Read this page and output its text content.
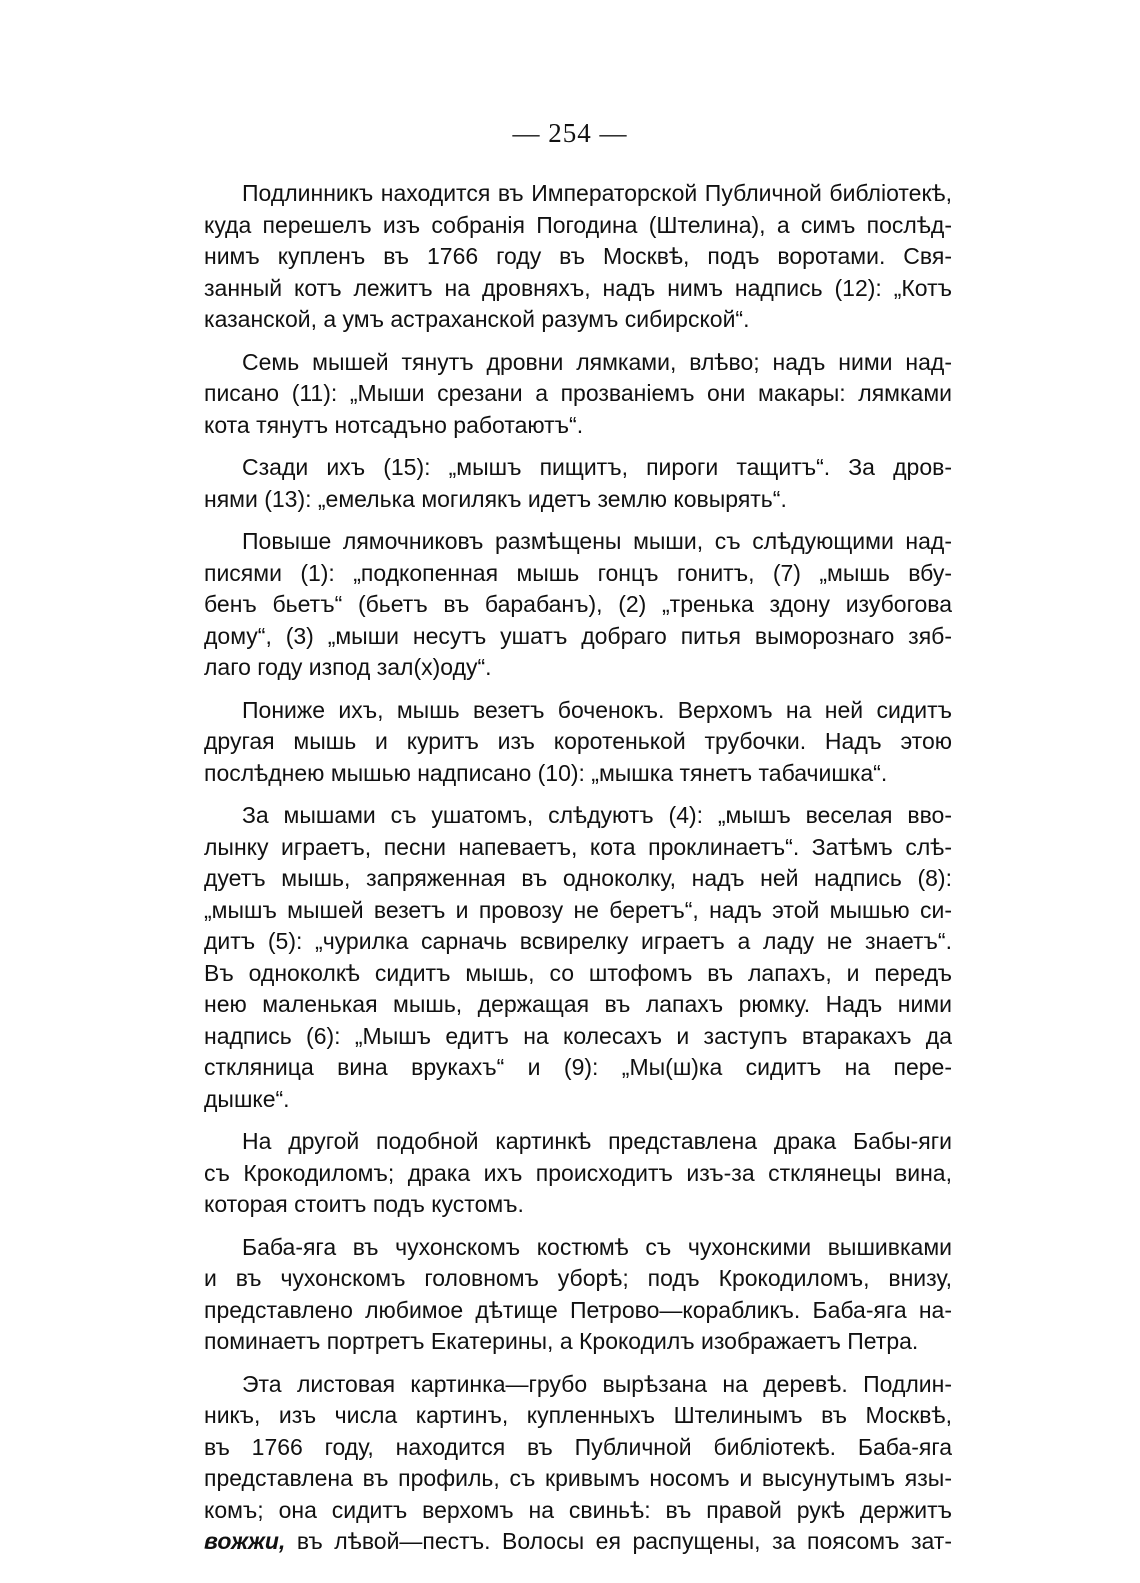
— 254 —
Подлинникъ находится въ Императорской Публичной библіотекѣ,
куда перешелъ изъ собранія Погодина (Штелина), а симъ послѣд-
нимъ купленъ въ 1766 году въ Москвѣ, подъ воротами. Свя-
занный котъ лежитъ на дровняхъ, надъ нимъ надпись (12): „Котъ
казанской, а умъ астраханской разумъ сибирской“.
Семь мышей тянутъ дровни лямками, влѣво; надъ ними над-
писано (11): „Мыши срезани а прозваніемъ они макары: лямками
кота тянутъ нотсадъно работаютъ“.
Сзади ихъ (15): „мышъ пищитъ, пироги тащитъ“. За дров-
нями (13): „емелька могилякъ идетъ землю ковырять“.
Повыше лямочниковъ размѣщены мыши, съ слѣдующими над-
писями (1): „подкопенная мышь гонцъ гонитъ, (7) „мышь вбу-
бенъ бьетъ“ (бьетъ въ барабанъ), (2) „тренька здону изубогова
дому“, (3) „мыши несутъ ушатъ добраго питья выморознаго зяб-
лаго году изпод зал(х)оду“.
Пониже ихъ, мышь везетъ боченокъ. Верхомъ на ней сидитъ
другая мышь и куритъ изъ коротенькой трубочки. Надъ этою
послѣднею мышью надписано (10): „мышка тянетъ табачишка“.
За мышами съ ушатомъ, слѣдуютъ (4): „мышъ веселая вво-
лынку играетъ, песни напеваетъ, кота проклинаетъ“. Затѣмъ слѣ-
дуетъ мышь, запряженная въ одноколку, надъ ней надпись (8):
„мышъ мышей везетъ и провозу не беретъ“, надъ этой мышью си-
дитъ (5): „чурилка сарначь всвирелку играетъ а ладу не знаетъ“.
Въ одноколкѣ сидитъ мышь, со штофомъ въ лапахъ, и передъ
нею маленькая мышь, держащая въ лапахъ рюмку. Надъ ними
надпись (6): „Мышъ едитъ на колесахъ и заступъ втаракахъ да
сткляница вина врукахъ“ и (9): „Мы(ш)ка сидитъ на пере-
дышке“.
На другой подобной картинкѣ представлена драка Бабы-яги
съ Крокодиломъ; драка ихъ происходитъ изъ-за стклянецы вина,
которая стоитъ подъ кустомъ.
Баба-яга въ чухонскомъ костюмѣ съ чухонскими вышивками
и въ чухонскомъ головномъ уборѣ; подъ Крокодиломъ, внизу,
представлено любимое дѣтище Петрово—корабликъ. Баба-яга на-
поминаетъ портретъ Екатерины, а Крокодилъ изображаетъ Петра.
Эта листовая картинка—грубо вырѣзана на деревѣ. Подлин-
никъ, изъ числа картинъ, купленныхъ Штелинымъ въ Москвѣ,
въ 1766 году, находится въ Публичной библіотекѣ. Баба-яга
представлена въ профиль, съ кривымъ носомъ и высунутымъ язы-
комъ; она сидитъ верхомъ на свиньѣ: въ правой рукѣ держитъ
вожжи, въ лѣвой—пестъ. Волосы ея распущены, за поясомъ зат-
